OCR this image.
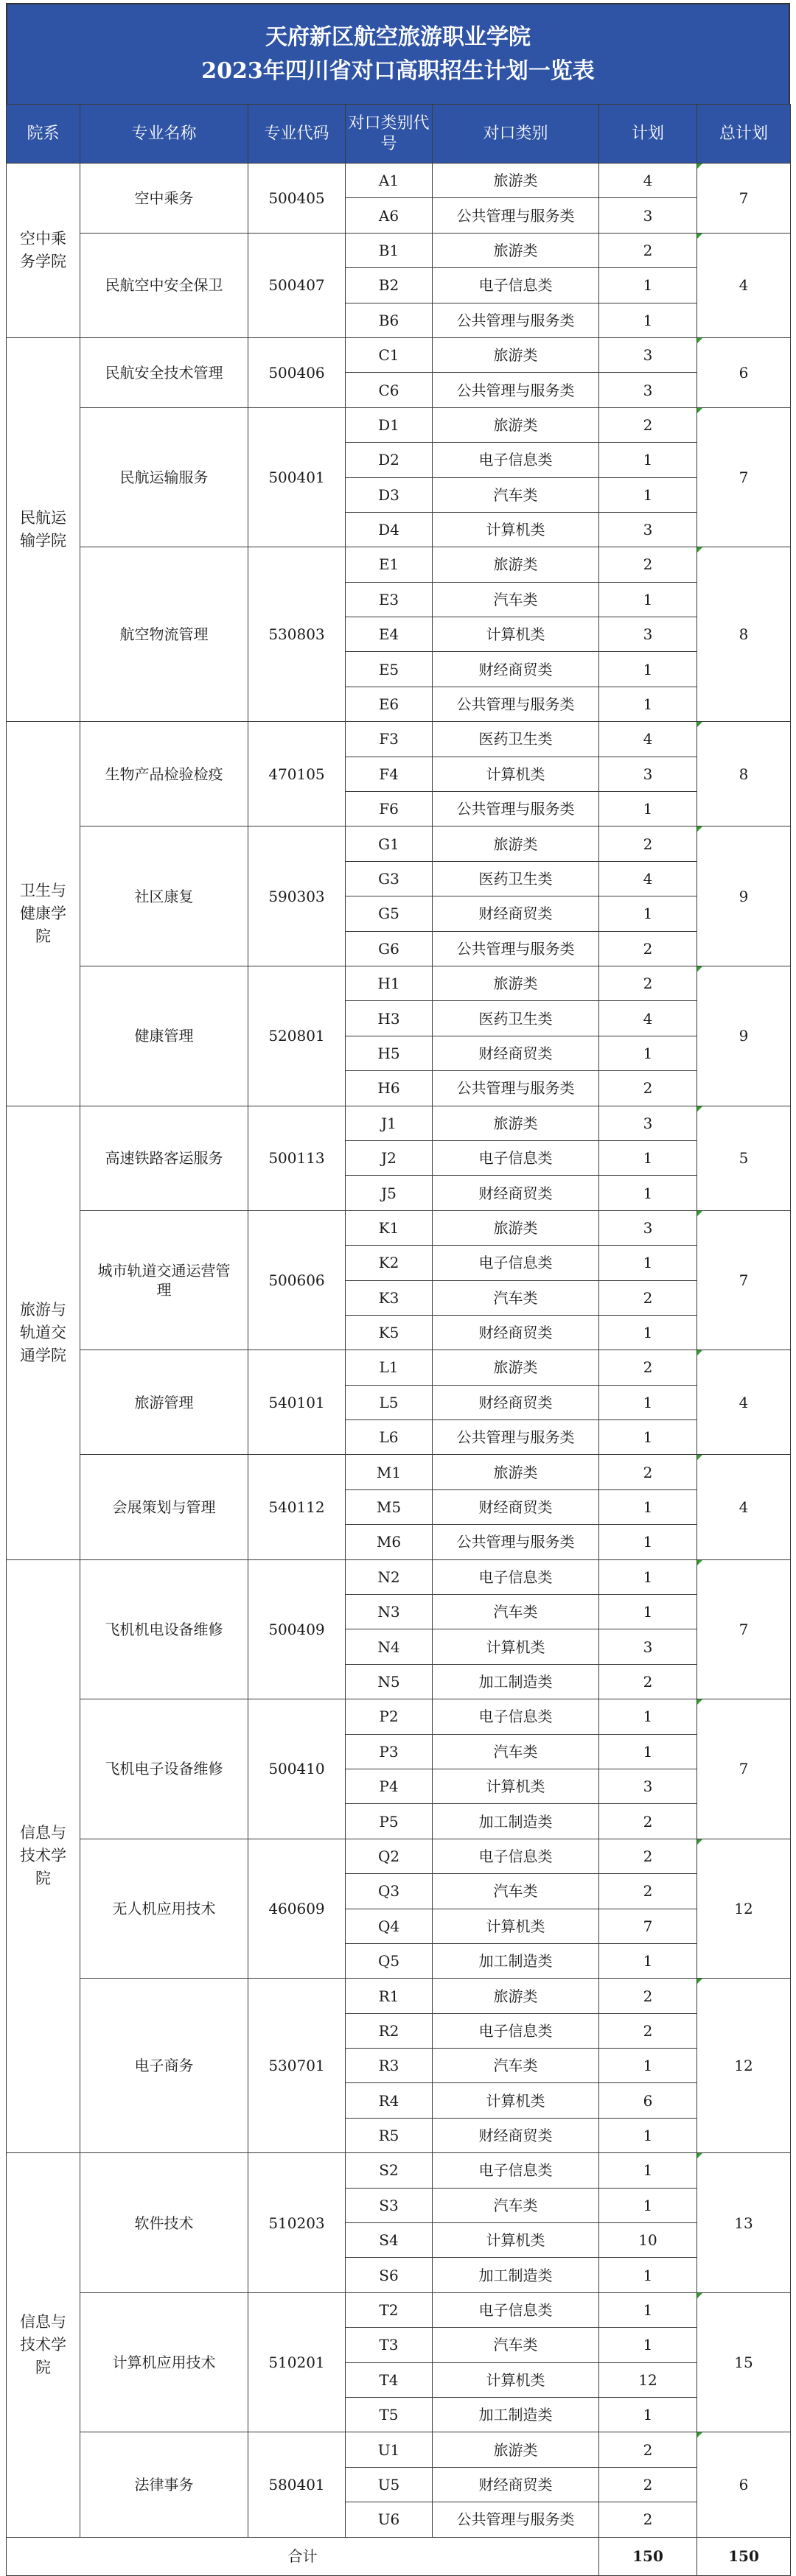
天府新区航空旅游职业学院
2023年四川省对口高职招生计划一览表
院系	专业名称	专业代码	对口类别代号	对口类别	计划	总计划
空中乘务学院	空中乘务	500405	A1	旅游类	4	7
			A6	公共管理与服务类	3	
	民航空中安全保卫	500407	B1	旅游类	2	4
			B2	电子信息类	1	
			B6	公共管理与服务类	1	
民航运输学院	民航安全技术管理	500406	C1	旅游类	3	6
			C6	公共管理与服务类	3	
	民航运输服务	500401	D1	旅游类	2	7
			D2	电子信息类	1	
			D3	汽车类	1	
			D4	计算机类	3	
	航空物流管理	530803	E1	旅游类	2	8
			E3	汽车类	1	
			E4	计算机类	3	
			E5	财经商贸类	1	
			E6	公共管理与服务类	1	
卫生与健康学院	生物产品检验检疫	470105	F3	医药卫生类	4	8
			F4	计算机类	3	
			F6	公共管理与服务类	1	
	社区康复	590303	G1	旅游类	2	9
			G3	医药卫生类	4	
			G5	财经商贸类	1	
			G6	公共管理与服务类	2	
	健康管理	520801	H1	旅游类	2	9
			H3	医药卫生类	4	
			H5	财经商贸类	1	
			H6	公共管理与服务类	2	
旅游与轨道交通学院	高速铁路客运服务	500113	J1	旅游类	3	5
			J2	电子信息类	1	
			J5	财经商贸类	1	
	城市轨道交通运营管理	500606	K1	旅游类	3	7
			K2	电子信息类	1	
			K3	汽车类	2	
			K5	财经商贸类	1	
	旅游管理	540101	L1	旅游类	2	4
			L5	财经商贸类	1	
			L6	公共管理与服务类	1	
	会展策划与管理	540112	M1	旅游类	2	4
			M5	财经商贸类	1	
			M6	公共管理与服务类	1	
信息与技术学院	飞机机电设备维修	500409	N2	电子信息类	1	7
			N3	汽车类	1	
			N4	计算机类	3	
			N5	加工制造类	2	
	飞机电子设备维修	500410	P2	电子信息类	1	7
			P3	汽车类	1	
			P4	计算机类	3	
			P5	加工制造类	2	
	无人机应用技术	460609	Q2	电子信息类	2	12
			Q3	汽车类	2	
			Q4	计算机类	7	
			Q5	加工制造类	1	
	电子商务	530701	R1	旅游类	2	12
			R2	电子信息类	2	
			R3	汽车类	1	
			R4	计算机类	6	
			R5	财经商贸类	1	
信息与技术学院	软件技术	510203	S2	电子信息类	1	13
			S3	汽车类	1	
			S4	计算机类	10	
			S6	加工制造类	1	
	计算机应用技术	510201	T2	电子信息类	1	15
			T3	汽车类	1	
			T4	计算机类	12	
			T5	加工制造类	1	
	法律事务	580401	U1	旅游类	2	6
			U5	财经商贸类	2	
			U6	公共管理与服务类	2	
合计					150	150
